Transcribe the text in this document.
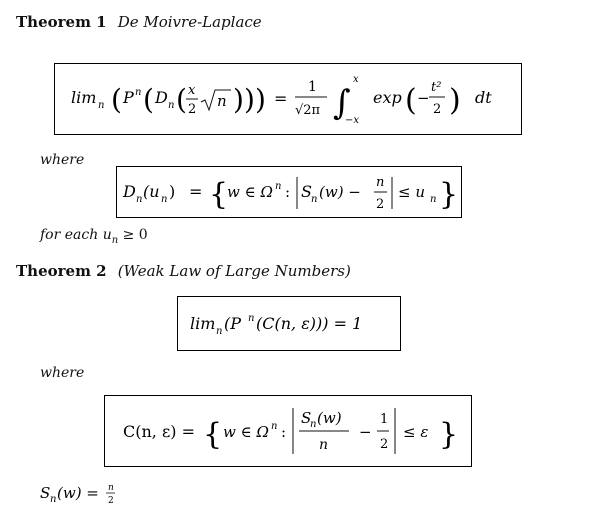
Theorem 1 De Moivre-Laplace
lim n ( P n ( D n ( x
2 n ) ) ) =
1
√2π ∫
x
−x
exp ( −
t²
2 ) dt
where
D n (u n ) = {
w ∈ Ω n : S n (w) −
n
2
≤ u n }
for each $u_n \ge 0$
Theorem 2 (Weak Law of Large Numbers)
lim n (P n (C(n, ε))) = 1
where
C(n, ε) = { w ∈ Ω n :
S
n (w)
n
−
1
2
≤ ε }
S n (w) = n
2
